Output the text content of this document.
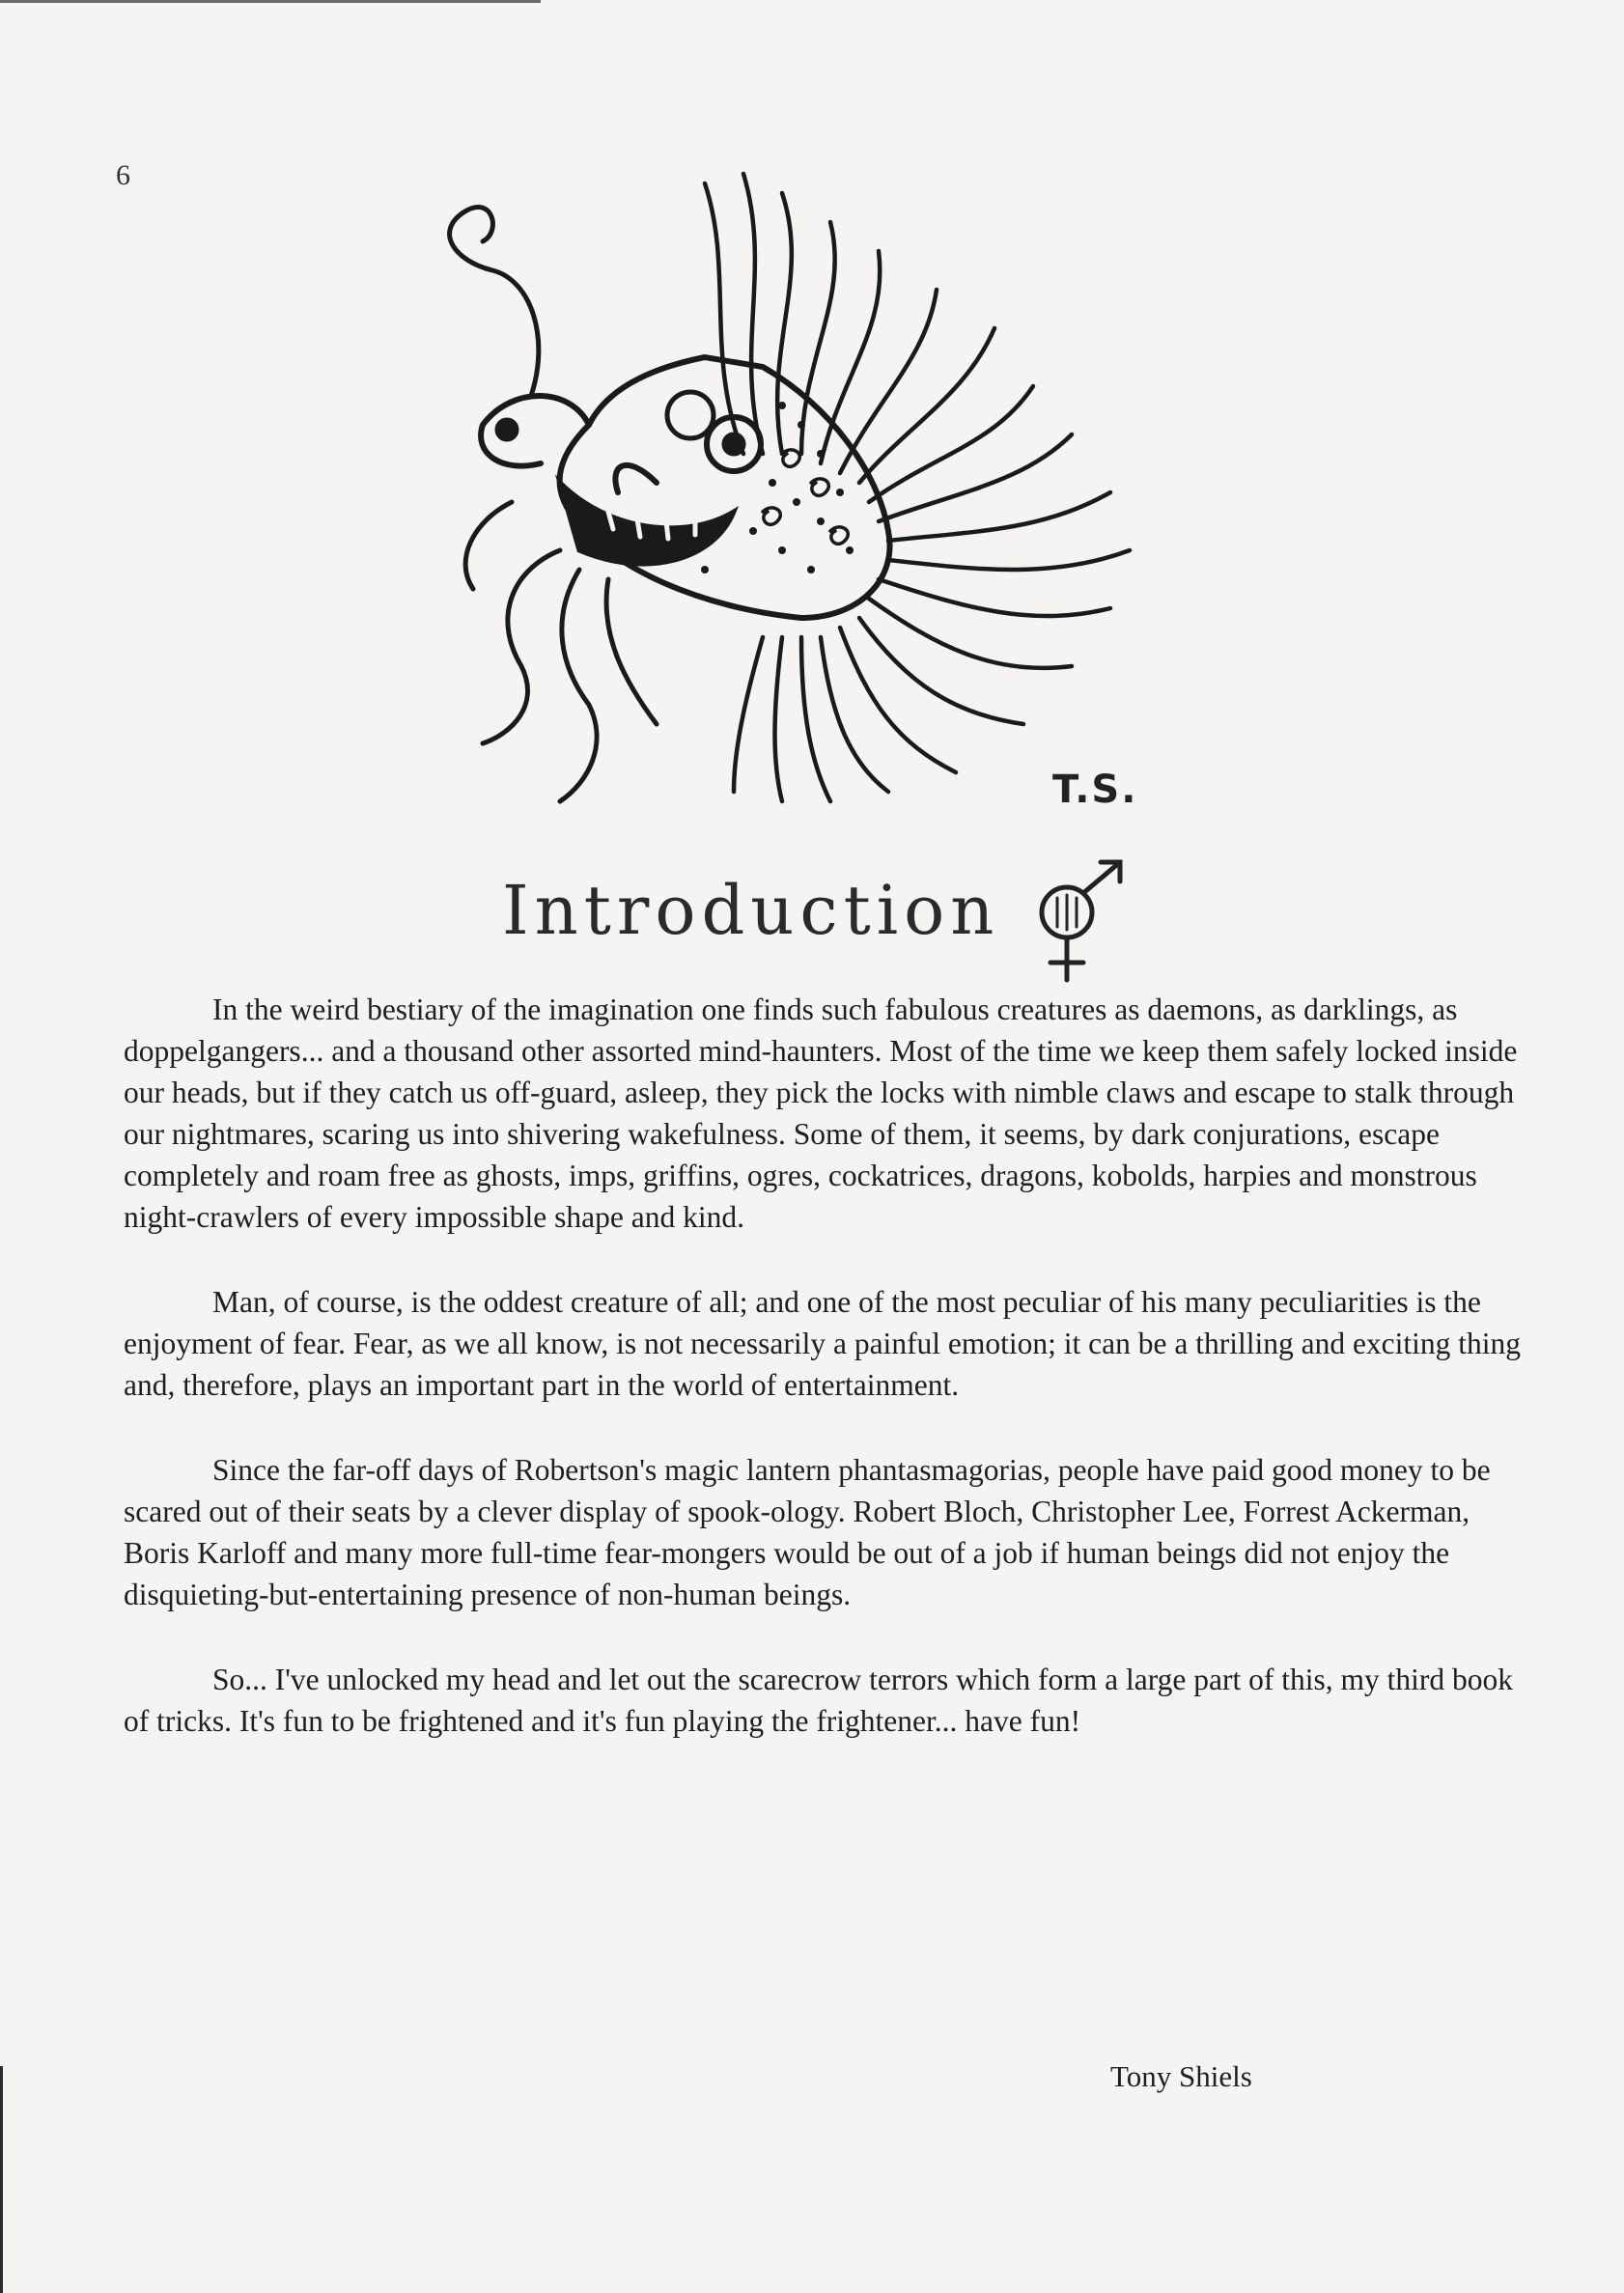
6
T.S.
Introduction

In the weird bestiary of the imagination one finds such fabulous creatures as daemons, as darklings, as doppelgangers... and a thousand other assorted mind-haunters. Most of the time we keep them safely locked inside our heads, but if they catch us off-guard, asleep, they pick the locks with nimble claws and escape to stalk through our nightmares, scaring us into shivering wakefulness. Some of them, it seems, by dark conjurations, escape completely and roam free as ghosts, imps, griffins, ogres, cockatrices, dragons, kobolds, harpies and monstrous night-crawlers of every impossible shape and kind.

Man, of course, is the oddest creature of all; and one of the most peculiar of his many peculiarities is the enjoyment of fear. Fear, as we all know, is not necessarily a painful emotion; it can be a thrilling and exciting thing and, therefore, plays an important part in the world of entertainment.

Since the far-off days of Robertson's magic lantern phantasmagorias, people have paid good money to be scared out of their seats by a clever display of spook-ology. Robert Bloch, Christopher Lee, Forrest Ackerman, Boris Karloff and many more full-time fear-mongers would be out of a job if human beings did not enjoy the disquieting-but-entertaining presence of non-human beings.

So... I've unlocked my head and let out the scarecrow terrors which form a large part of this, my third book of tricks. It's fun to be frightened and it's fun playing the frightener... have fun!

Tony Shiels
